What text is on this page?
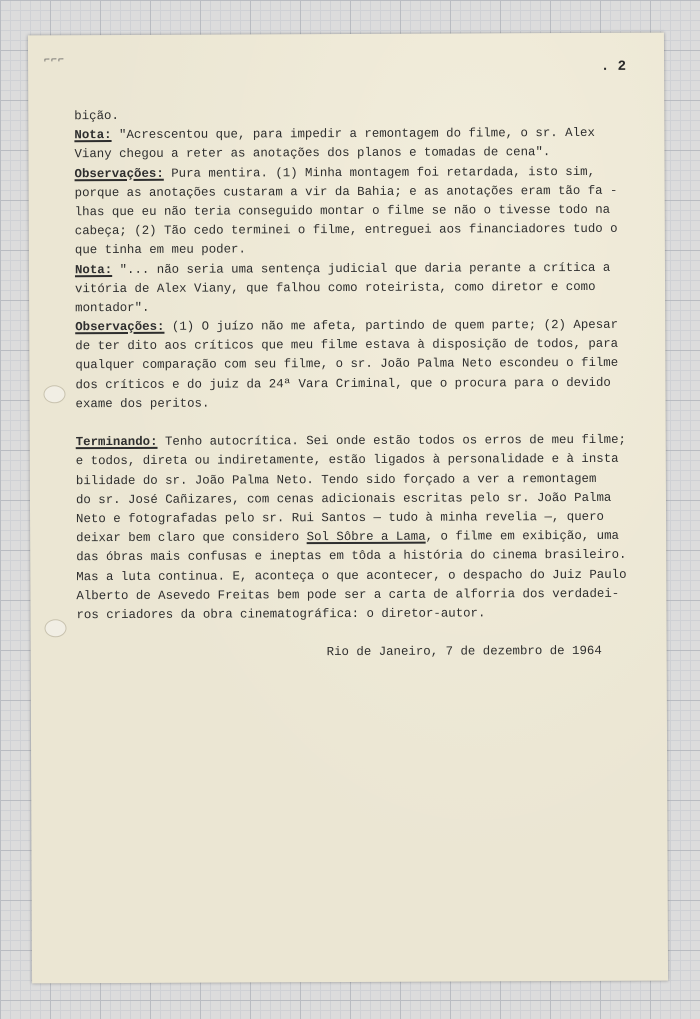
⌐⌐⌐	. 2
bição.
Nota: "Acrescentou que, para impedir a remontagem do filme, o sr. Alex
Viany chegou a reter as anotações dos planos e tomadas de cena".
Observações: Pura mentira. (1) Minha montagem foi retardada, isto sim,
porque as anotações custaram a vir da Bahia; e as anotações eram tão fa -
lhas que eu não teria conseguido montar o filme se não o tivesse todo na
cabeça; (2) Tão cedo terminei o filme, entreguei aos financiadores tudo o
que tinha em meu poder.
Nota: "... não seria uma sentença judicial que daria perante a crítica a
vitória de Alex Viany, que falhou como roteirista, como diretor e como
montador".
Observações: (1) O juízo não me afeta, partindo de quem parte; (2) Apesar
de ter dito aos críticos que meu filme estava à disposição de todos, para
qualquer comparação com seu filme, o sr. João Palma Neto escondeu o filme
dos críticos e do juiz da 24ª Vara Criminal, que o procura para o devido
exame dos peritos.
Terminando: Tenho autocrítica. Sei onde estão todos os erros de meu filme;
e todos, direta ou indiretamente, estão ligados à personalidade e à insta
bilidade do sr. João Palma Neto. Tendo sido forçado a ver a remontagem
do sr. José Cañizares, com cenas adicionais escritas pelo sr. João Palma
Neto e fotografadas pelo sr. Rui Santos — tudo à minha revelia —, quero
deixar bem claro que considero Sol Sôbre a Lama, o filme em exibição, uma
das óbras mais confusas e ineptas em tôda a história do cinema brasileiro.
Mas a luta continua. E, aconteça o que acontecer, o despacho do Juiz Paulo
Alberto de Asevedo Freitas bem pode ser a carta de alforria dos verdadei-
ros criadores da obra cinematográfica: o diretor-autor.
Rio de Janeiro, 7 de dezembro de 1964
